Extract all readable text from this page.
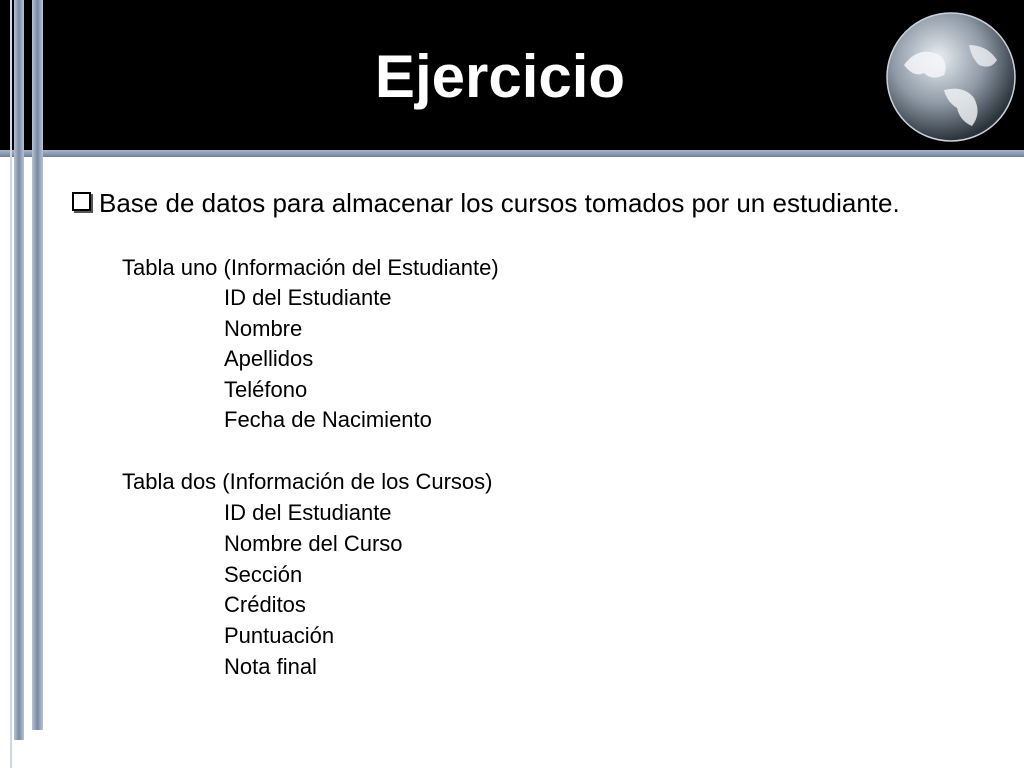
Ejercicio
Base de datos para almacenar los cursos tomados por un estudiante.
Tabla uno (Información del Estudiante)
ID del Estudiante
Nombre
Apellidos
Teléfono
Fecha de Nacimiento
Tabla dos (Información de los Cursos)
ID del Estudiante
Nombre del Curso
Sección
Créditos
Puntuación
Nota final
